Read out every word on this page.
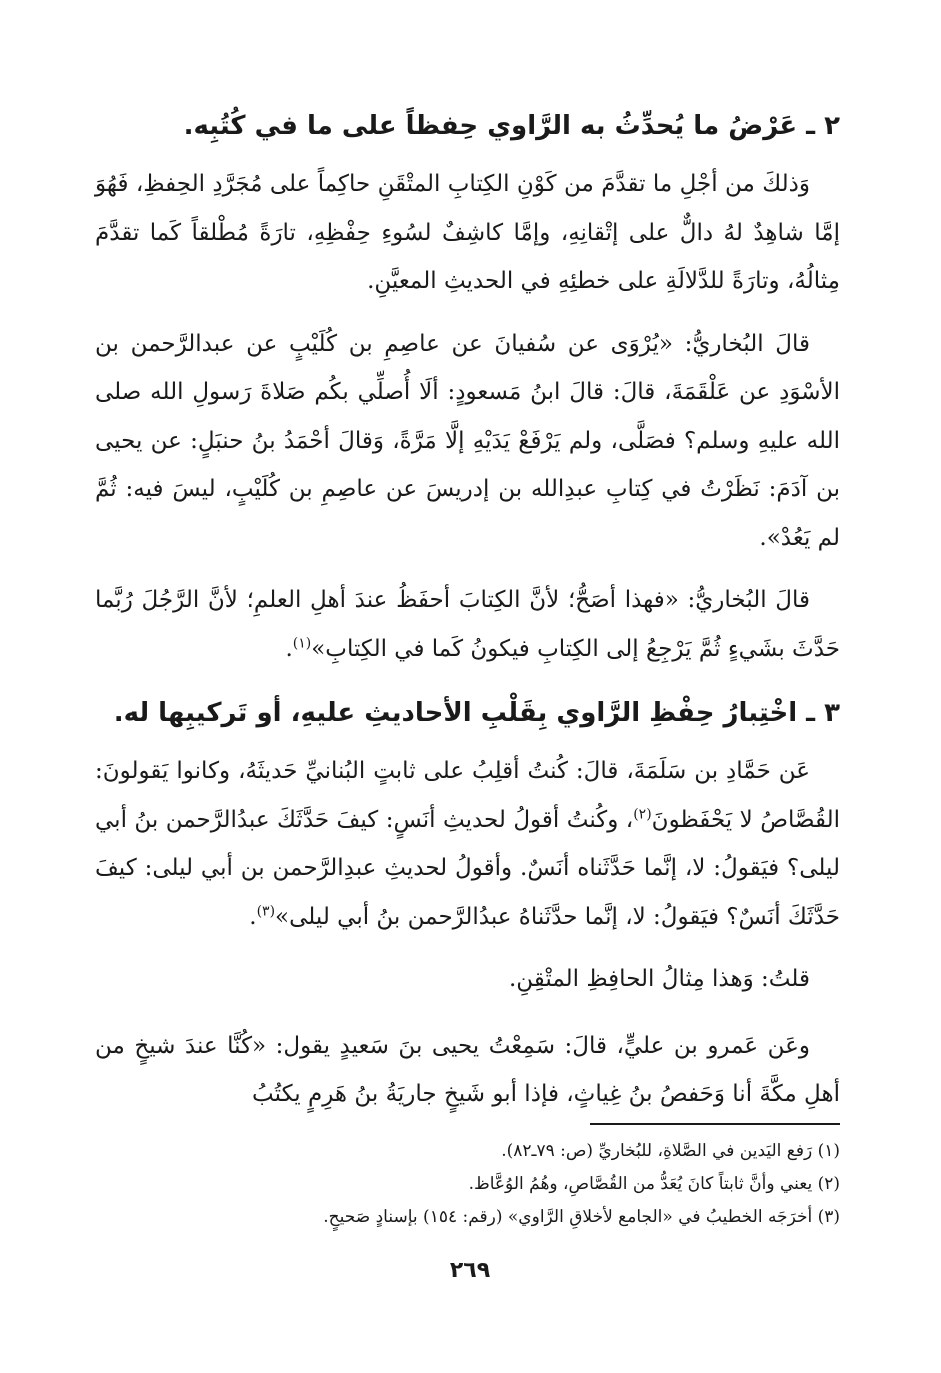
٢ ـ عَرْضُ ما يُحدِّثُ به الرَّاوي حِفظاً على ما في كُتُبِه.

وَذلكَ من أجْلِ ما تقدَّمَ من كَوْنِ الكِتابِ المتْقَنِ حاكِماً على مُجَرَّدِ الحِفظِ، فَهُوَ إمَّا شاهِدٌ لهُ دالٌّ على إتْقانِهِ، وإمَّا كاشِفٌ لسُوءِ حِفْظِهِ، تارَةً مُطْلقاً كَما تقدَّمَ مِثالُهُ، وتارَةً للدَّلالَةِ على خطئِهِ في الحديثِ المعيَّنِ.

قالَ البُخاريُّ: «يُرْوَى عن سُفيانَ عن عاصِمِ بن كُلَيْبٍ عن عبدالرَّحمن بن الأسْوَدِ عن عَلْقَمَةَ، قالَ: قالَ ابنُ مَسعودٍ: ألَا أُصلِّي بكُم صَلاةَ رَسولِ الله صلى الله عليهِ وسلم؟ فصَلَّى، ولم يَرْفَعْ يَدَيْهِ إلَّا مَرَّةً، وَقالَ أحْمَدُ بنُ حنبَلٍ: عن يحيى بن آدَمَ: نَظَرْتُ في كِتابِ عبدِالله بن إدريسَ عن عاصِمِ بن كُلَيْبٍ، ليسَ فيه: ثُمَّ لم يَعُدْ».

قالَ البُخاريُّ: «فهذا أصَحُّ؛ لأنَّ الكِتابَ أحفَظُ عندَ أهلِ العلمِ؛ لأنَّ الرَّجُلَ رُبَّما حَدَّثَ بشَيءٍ ثُمَّ يَرْجِعُ إلى الكِتابِ فيكونُ كَما في الكِتابِ»$^{(١)}$.

٣ ـ اخْتِبارُ حِفْظِ الرَّاوي بِقَلْبِ الأحاديثِ عليهِ، أو تَركيبِها له.

عَن حَمَّادِ بن سَلَمَةَ، قالَ: كُنتُ أقلِبُ على ثابتٍ البُنانيِّ حَديثَهُ، وكانوا يَقولونَ: القُصَّاصُ لا يَحْفَظونَ$^{(٢)}$، وكُنتُ أقولُ لحديثِ أنَسٍ: كيفَ حَدَّثَكَ عبدُالرَّحمن بنُ أبي ليلى؟ فيَقولُ: لا، إنَّما حَدَّثَناه أنَسٌ. وأقولُ لحديثِ عبدِالرَّحمن بن أبي ليلى: كيفَ حَدَّثَكَ أنَسٌ؟ فيَقولُ: لا، إنَّما حدَّثَناهُ عبدُالرَّحمن بنُ أبي ليلى»$^{(٣)}$.

قلتُ: وَهذا مِثالُ الحافِظِ المتْقِنِ.

وعَن عَمرو بن عليٍّ، قالَ: سَمِعْتُ يحيى بنَ سَعيدٍ يقول: «كُنَّا عندَ شيخٍ من أهلِ مكَّةَ أنا وَحَفصُ بنُ غِياثٍ، فإذا أبو شَيخٍ جاريَةُ بنُ هَرِمٍ يكتُبُ

(١) رَفع اليَدين في الصَّلاةِ، للبُخاريِّ (ص: ٧٩ـ٨٢).

(٢) يعني وأنَّ ثابتاً كانَ يُعَدُّ من القُصَّاصِ، وهُمُ الوُعَّاظ.

(٣) أخرَجَه الخطيبُ في «الجامع لأخلاقِ الرَّاوي» (رقم: ١٥٤) بإسنادٍ صَحيحٍ.

٢٦٩
